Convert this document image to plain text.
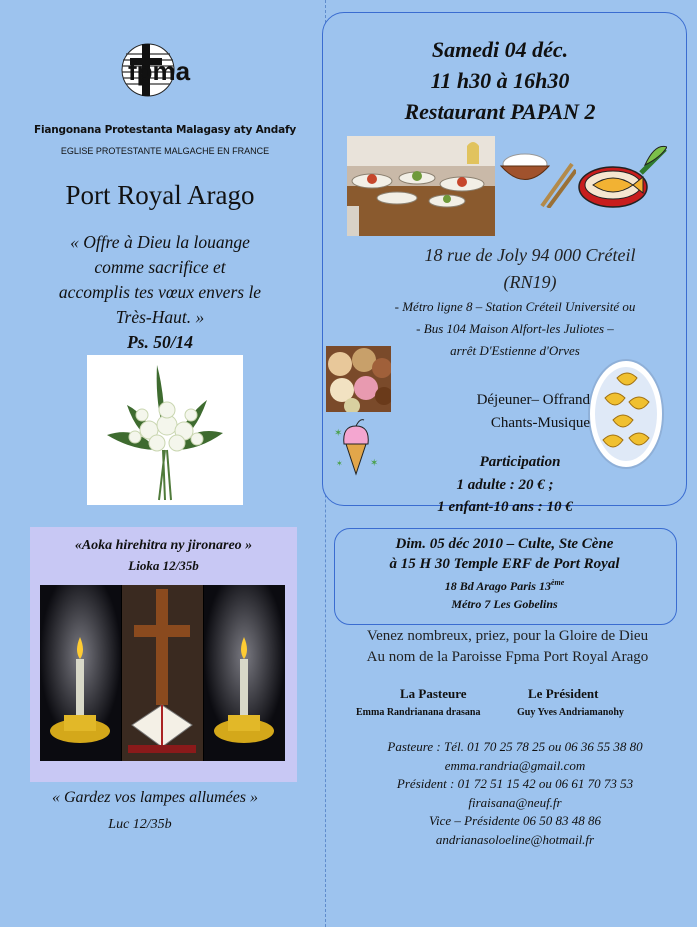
fpma
Fiangonana Protestanta Malagasy aty Andafy
EGLISE PROTESTANTE MALGACHE EN FRANCE
Port Royal Arago
« Offre à Dieu la louange
comme sacrifice et
accomplis tes vœux envers le
Très-Haut. »
Ps. 50/14
Samedi 04 déc.
11 h30 à 16h30
Restaurant PAPAN 2
18 rue de Joly 94 000 Créteil
(RN19)
- Métro ligne 8 – Station Créteil Université ou
- Bus 104 Maison Alfort-les Juliotes –
arrêt D'Estienne d'Orves
✶
✶
✶
Déjeuner– Offrand
Chants-Musique
Participation
1 adulte : 20 € ;
1 enfant-10 ans : 10 €
Dim. 05 déc 2010 – Culte, Ste Cène
à 15 H 30 Temple ERF de Port Royal
18 Bd Arago Paris 13ème
Métro 7 Les Gobelins
Venez nombreux, priez, pour la Gloire de Dieu
Au nom de la Paroisse Fpma Port Royal Arago
La Pasteure	Le Président
Emma Randrianana drasana	Guy Yves Andriamanohy
Pasteure : Tél. 01 70 25 78 25 ou 06 36 55 38 80
emma.randria@gmail.com
Président : 01 72 51 15 42 ou 06 61 70 73 53
firaisana@neuf.fr
Vice – Présidente 06 50 83 48 86
andrianasoloeline@hotmail.fr
«Aoka hirehitra ny jironareo »
Lioka 12/35b
« Gardez vos lampes allumées »
Luc 12/35b
